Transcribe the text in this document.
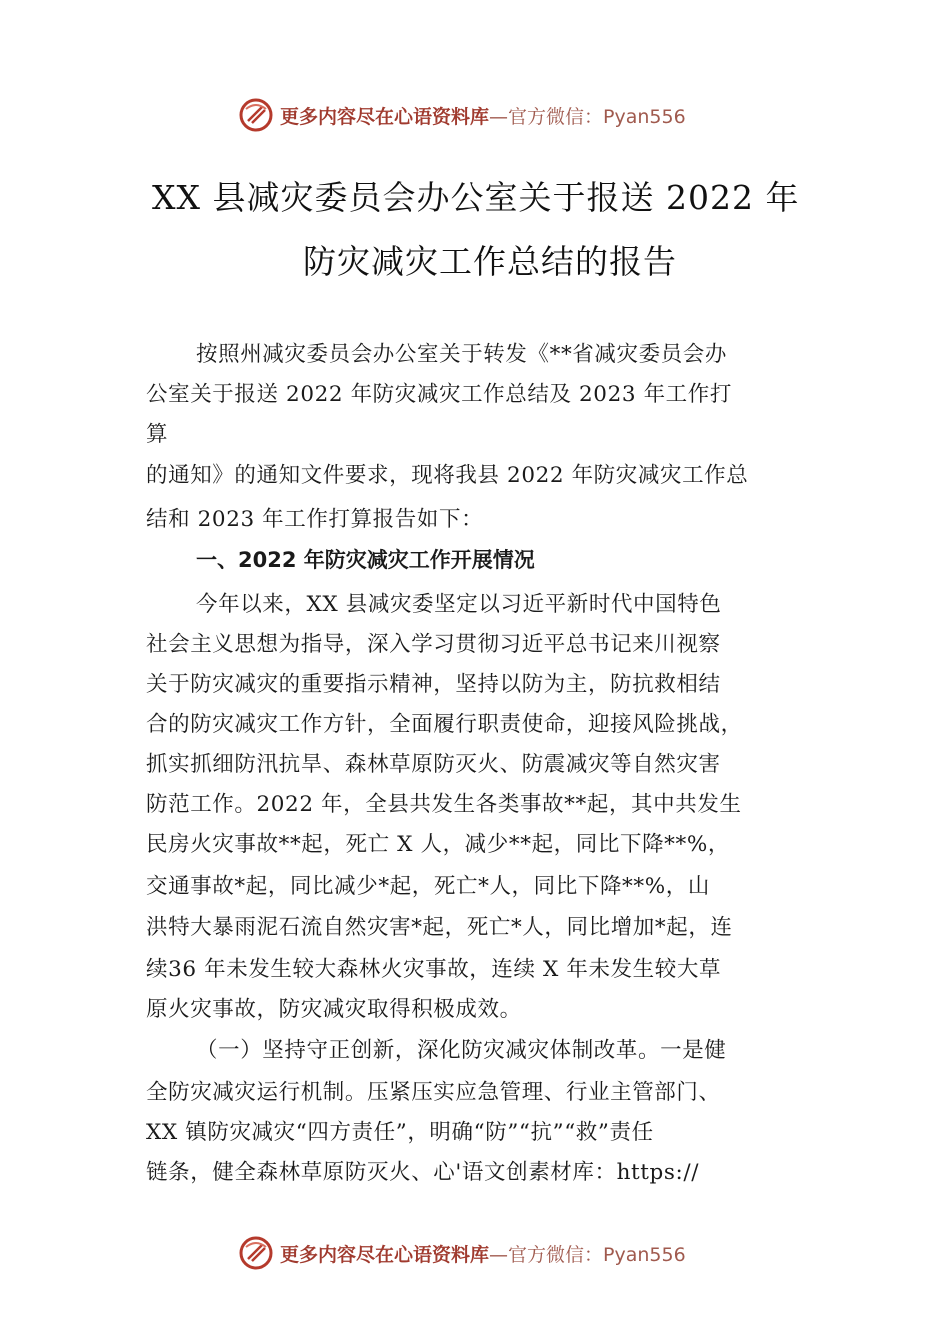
更多内容尽在心语资料库—官方微信：Pyan556
XX 县减灾委员会办公室关于报送 2022 年
防灾减灾工作总结的报告
按照州减灾委员会办公室关于转发《**省减灾委员会办
公室关于报送 2022 年防灾减灾工作总结及 2023 年工作打
算
的通知》的通知文件要求，现将我县 2022 年防灾减灾工作总
结和 2023 年工作打算报告如下：
一、2022 年防灾减灾工作开展情况
今年以来，XX 县减灾委坚定以习近平新时代中国特色
社会主义思想为指导，深入学习贯彻习近平总书记来川视察
关于防灾减灾的重要指示精神，坚持以防为主，防抗救相结
合的防灾减灾工作方针，全面履行职责使命，迎接风险挑战，
抓实抓细防汛抗旱、森林草原防灭火、防震减灾等自然灾害
防范工作。2022 年，全县共发生各类事故**起，其中共发生
民房火灾事故**起，死亡 X 人，减少**起，同比下降**%，
交通事故*起，同比减少*起，死亡*人，同比下降**%，山
洪特大暴雨泥石流自然灾害*起，死亡*人，同比增加*起，连
续36 年未发生较大森林火灾事故，连续 X 年未发生较大草
原火灾事故，防灾减灾取得积极成效。
（一）坚持守正创新，深化防灾减灾体制改革。一是健
全防灾减灾运行机制。压紧压实应急管理、行业主管部门、
XX 镇防灾减灾“四方责任”，明确“防”“抗”“救”责任
链条，健全森林草原防灭火、心'语文创素材库：https://
更多内容尽在心语资料库—官方微信：Pyan556
